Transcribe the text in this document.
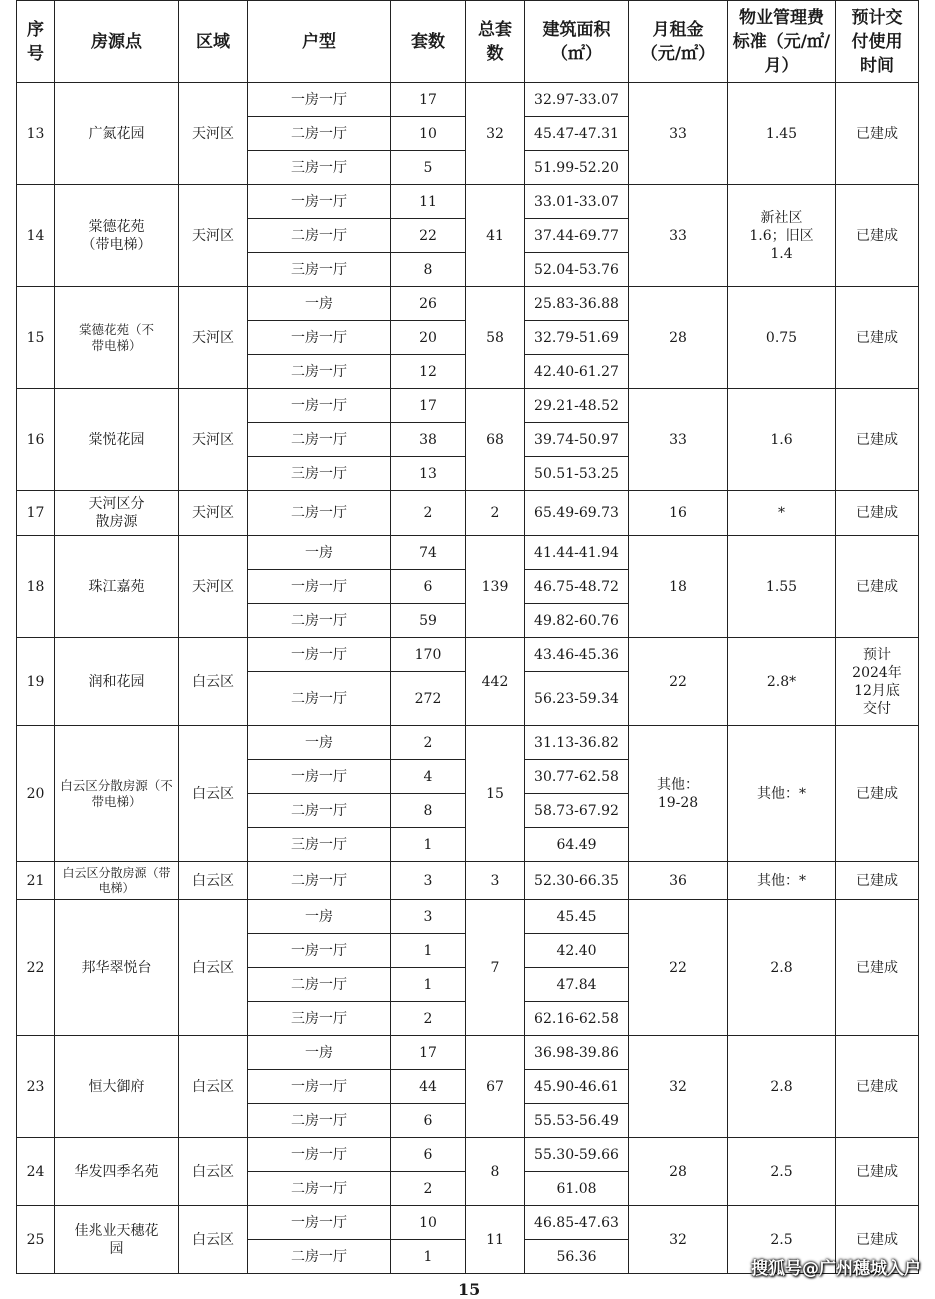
序号	房源点	区域	户型	套数	总套数	建筑面积（㎡）	月租金（元/㎡）	物业管理费标准（元/㎡/月）	预计交付使用时间
13	广氮花园	天河区	一房一厅	17	32	32.97-33.07	33	1.45	已建成
			二房一厅	10		45.47-47.31			
			三房一厅	5		51.99-52.20			
14	棠德花苑（带电梯）	天河区	一房一厅	11	41	33.01-33.07	33	新社区 1.6；旧区 1.4	已建成
			二房一厅	22		37.44-69.77			
			三房一厅	8		52.04-53.76			
15	棠德花苑（不带电梯）	天河区	一房	26	58	25.83-36.88	28	0.75	已建成
			一房一厅	20		32.79-51.69			
			二房一厅	12		42.40-61.27			
16	棠悦花园	天河区	一房一厅	17	68	29.21-48.52	33	1.6	已建成
			二房一厅	38		39.74-50.97			
			三房一厅	13		50.51-53.25			
17	天河区分散房源	天河区	二房一厅	2	2	65.49-69.73	16	*	已建成
18	珠江嘉苑	天河区	一房	74	139	41.44-41.94	18	1.55	已建成
			一房一厅	6		46.75-48.72			
			二房一厅	59		49.82-60.76			
19	润和花园	白云区	一房一厅	170	442	43.46-45.36	22	2.8*	预计2024年12月底交付
			二房一厅	272		56.23-59.34			
20	白云区分散房源（不带电梯）	白云区	一房	2	15	31.13-36.82	其他：19-28	其他：*	已建成
			一房一厅	4		30.77-62.58			
			二房一厅	8		58.73-67.92			
			三房一厅	1		64.49			
21	白云区分散房源（带电梯）	白云区	二房一厅	3	3	52.30-66.35	36	其他：*	已建成
22	邦华翠悦台	白云区	一房	3	7	45.45	22	2.8	已建成
			一房一厅	1		42.40			
			二房一厅	1		47.84			
			三房一厅	2		62.16-62.58			
23	恒大御府	白云区	一房	17	67	36.98-39.86	32	2.8	已建成
			一房一厅	44		45.90-46.61			
			二房一厅	6		55.53-56.49			
24	华发四季名苑	白云区	一房一厅	6	8	55.30-59.66	28	2.5	已建成
			二房一厅	2		61.08			
25	佳兆业天穗花园	白云区	一房一厅	10	11	46.85-47.63	32	2.5	已建成
			二房一厅	1		56.36			
15
搜狐号@广州穗城入户
